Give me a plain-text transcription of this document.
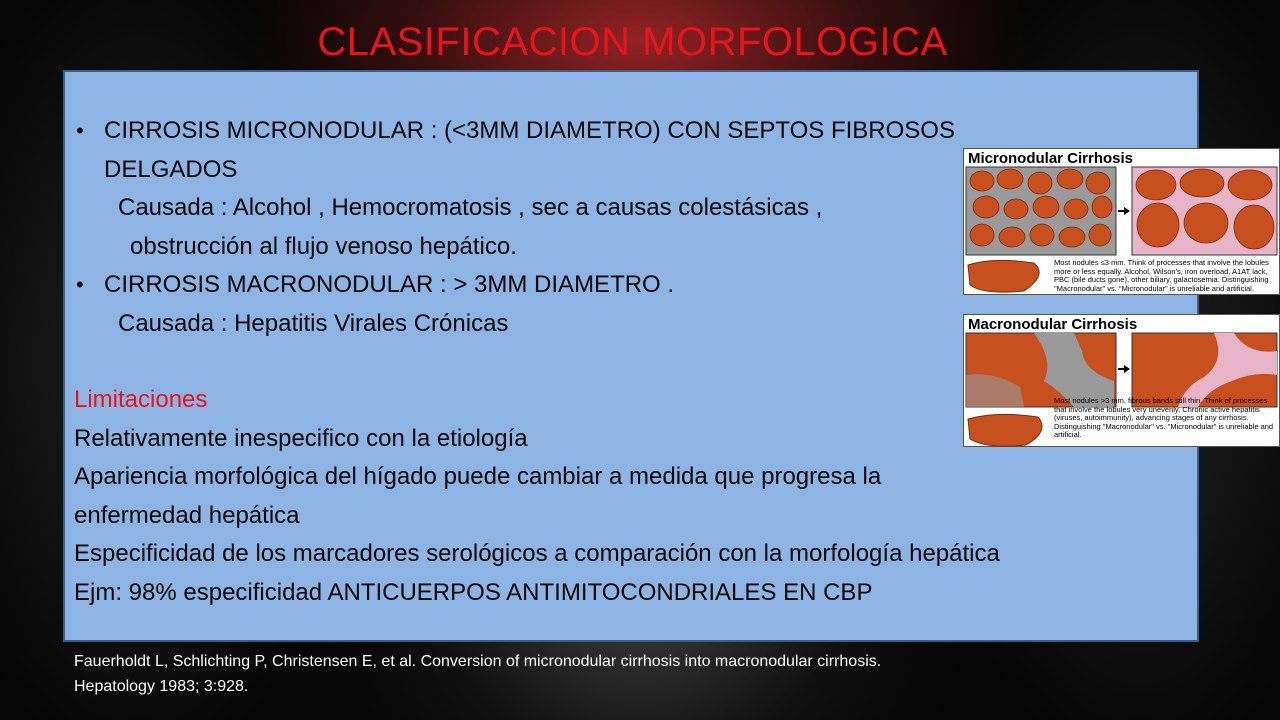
CLASIFICACION MORFOLOGICA
• CIRROSIS MICRONODULAR : (<3MM DIAMETRO) CON SEPTOS FIBROSOS
DELGADOS
Causada : Alcohol , Hemocromatosis , sec a causas colestásicas ,
obstrucción al flujo venoso hepático.
• CIRROSIS MACRONODULAR : > 3MM DIAMETRO .
Causada : Hepatitis Virales Crónicas
Limitaciones
Relativamente inespecifico con la etiología
Apariencia morfológica del hígado puede cambiar a medida que progresa la
enfermedad hepática
Especificidad de los marcadores serológicos a comparación con la morfología hepática
Ejm: 98% especificidad ANTICUERPOS ANTIMITOCONDRIALES EN CBP
Micronodular Cirrhosis
Most nodules ≤3 mm. Think of processes that involve the lobules more or less equally. Alcohol, Wilson's, iron overload, A1AT lack, PBC (bile ducts gone), other biliary, galactosemia. Distinguishing "Macronodular" vs. "Micronodular" is unreliable and artificial.
Macronodular Cirrhosis
Most nodules >3 mm, fibrous bands still thin. Think of processes that involve the lobules very unevenly. Chronic active hepatitis (viruses, autoimmunity), advancing stages of any cirrhosis. Distinguishing "Macronodular" vs. "Micronodular" is unreliable and artificial.
Fauerholdt L, Schlichting P, Christensen E, et al. Conversion of micronodular cirrhosis into macronodular cirrhosis.
Hepatology 1983; 3:928.
